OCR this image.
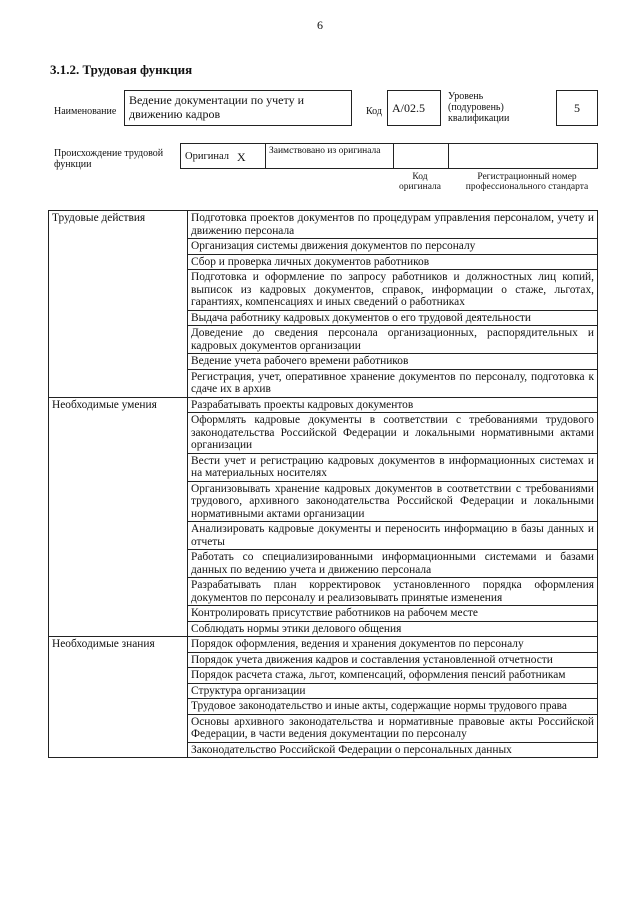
6
3.1.2. Трудовая функция
Наименование
Ведение документации по учету и движению кадров	Код А/02.5
Уровень (подуровень) квалификации
5
Происхождение трудовой функции
Оригинал X Заимствовано из оригинала
Код оригинала
Регистрационный номер профессионального стандарта
Трудовые действия	Подготовка проектов документов по процедурам управления персоналом, учету и движению персонала
	Организация системы движения документов по персоналу
	Сбор и проверка личных документов работников
	Подготовка и оформление по запросу работников и должностных лиц копий, выписок из кадровых документов, справок, информации о стаже, льготах, гарантиях, компенсациях и иных сведений о работниках
	Выдача работнику кадровых документов о его трудовой деятельности
	Доведение до сведения персонала организационных, распорядительных и кадровых документов организации
	Ведение учета рабочего времени работников
	Регистрация, учет, оперативное хранение документов по персоналу, подготовка к сдаче их в архив
Необходимые умения	Разрабатывать проекты кадровых документов
	Оформлять кадровые документы в соответствии с требованиями трудового законодательства Российской Федерации и локальными нормативными актами организации
	Вести учет и регистрацию кадровых документов в информационных системах и на материальных носителях
	Организовывать хранение кадровых документов в соответствии с требованиями трудового, архивного законодательства Российской Федерации и локальными нормативными актами организации
	Анализировать кадровые документы и переносить информацию в базы данных и отчеты
	Работать со специализированными информационными системами и базами данных по ведению учета и движению персонала
	Разрабатывать план корректировок установленного порядка оформления документов по персоналу и реализовывать принятые изменения
	Контролировать присутствие работников на рабочем месте
	Соблюдать нормы этики делового общения
Необходимые знания	Порядок оформления, ведения и хранения документов по персоналу
	Порядок учета движения кадров и составления установленной отчетности
	Порядок расчета стажа, льгот, компенсаций, оформления пенсий работникам
	Структура организации
	Трудовое законодательство и иные акты, содержащие нормы трудового права
	Основы архивного законодательства и нормативные правовые акты Российской Федерации, в части ведения документации по персоналу
	Законодательство Российской Федерации о персональных данных
